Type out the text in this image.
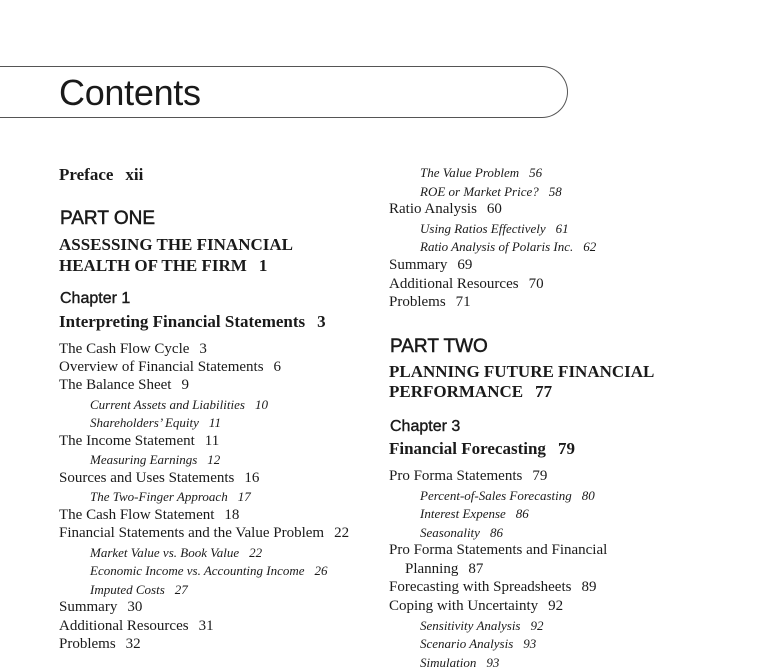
Contents
Preface xii
PART ONE
ASSESSING THE FINANCIAL
HEALTH OF THE FIRM 1
Chapter 1
Interpreting Financial Statements 3
The Cash Flow Cycle 3
Overview of Financial Statements 6
The Balance Sheet 9
Current Assets and Liabilities 10
Shareholders’ Equity 11
The Income Statement 11
Measuring Earnings 12
Sources and Uses Statements 16
The Two-Finger Approach 17
The Cash Flow Statement 18
Financial Statements and the Value Problem 22
Market Value vs. Book Value 22
Economic Income vs. Accounting Income 26
Imputed Costs 27
Summary 30
Additional Resources 31
Problems 32
The Value Problem 56
ROE or Market Price? 58
Ratio Analysis 60
Using Ratios Effectively 61
Ratio Analysis of Polaris Inc. 62
Summary 69
Additional Resources 70
Problems 71
PART TWO
PLANNING FUTURE FINANCIAL
PERFORMANCE 77
Chapter 3
Financial Forecasting 79
Pro Forma Statements 79
Percent-of-Sales Forecasting 80
Interest Expense 86
Seasonality 86
Pro Forma Statements and Financial
Planning 87
Forecasting with Spreadsheets 89
Coping with Uncertainty 92
Sensitivity Analysis 92
Scenario Analysis 93
Simulation 93
